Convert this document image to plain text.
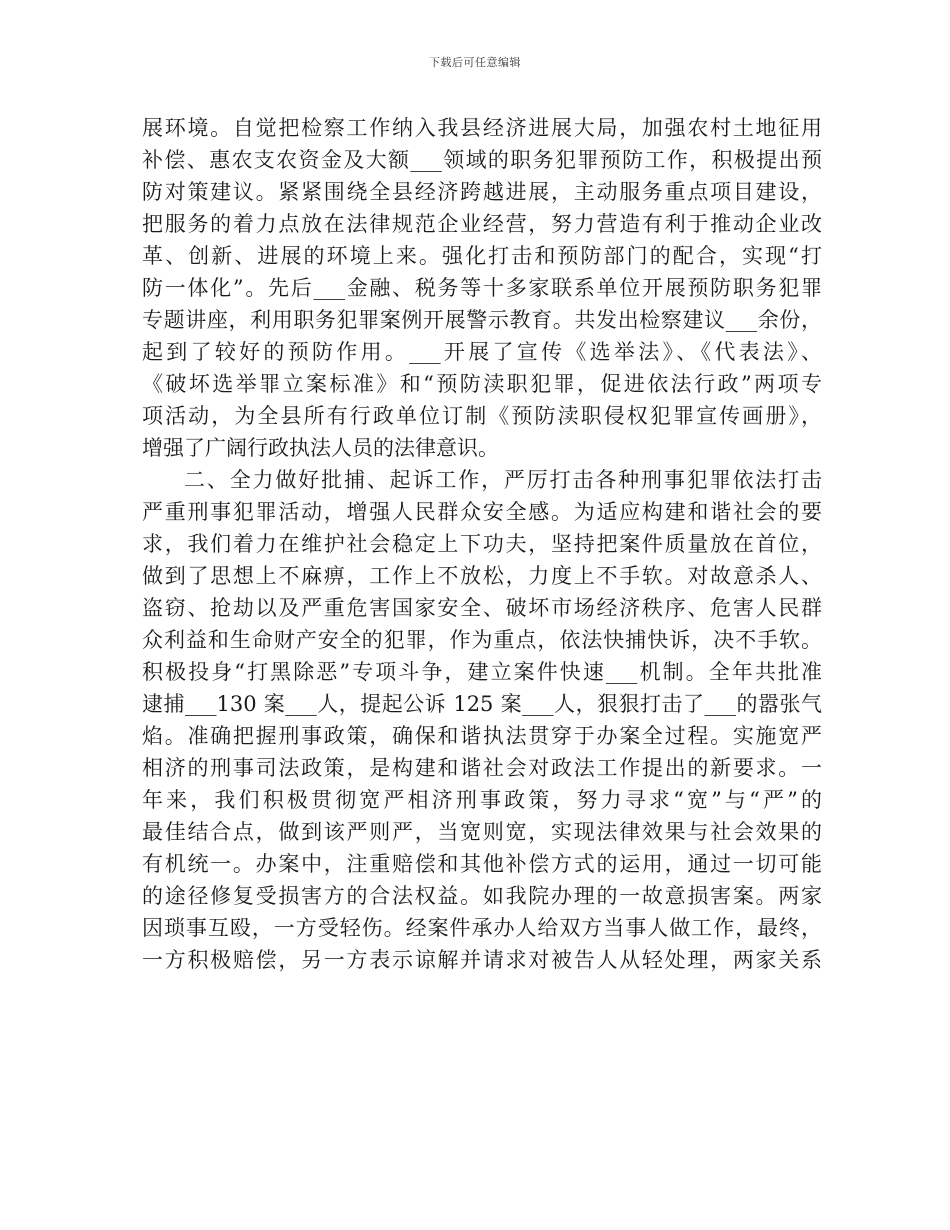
下载后可任意编辑
展环境。自觉把检察工作纳入我县经济进展大局，加强农村土地征用
补偿、惠农支农资金及大额___领域的职务犯罪预防工作，积极提出预
防对策建议。紧紧围绕全县经济跨越进展，主动服务重点项目建设，
把服务的着力点放在法律规范企业经营，努力营造有利于推动企业改
革、创新、进展的环境上来。强化打击和预防部门的配合，实现“打
防一体化”。先后___金融、税务等十多家联系单位开展预防职务犯罪
专题讲座，利用职务犯罪案例开展警示教育。共发出检察建议___余份，
起到了较好的预防作用。___开展了宣传《选举法》、《代表法》、
《破坏选举罪立案标准》和“预防渎职犯罪，促进依法行政”两项专
项活动，为全县所有行政单位订制《预防渎职侵权犯罪宣传画册》，
增强了广阔行政执法人员的法律意识。
二、全力做好批捕、起诉工作，严厉打击各种刑事犯罪依法打击
严重刑事犯罪活动，增强人民群众安全感。为适应构建和谐社会的要
求，我们着力在维护社会稳定上下功夫，坚持把案件质量放在首位，
做到了思想上不麻痹，工作上不放松，力度上不手软。对故意杀人、
盗窃、抢劫以及严重危害国家安全、破坏市场经济秩序、危害人民群
众利益和生命财产安全的犯罪，作为重点，依法快捕快诉，决不手软。
积极投身“打黑除恶”专项斗争，建立案件快速___机制。全年共批准
逮捕___130 案___人，提起公诉 125 案___人，狠狠打击了___的嚣张气
焰。准确把握刑事政策，确保和谐执法贯穿于办案全过程。实施宽严
相济的刑事司法政策，是构建和谐社会对政法工作提出的新要求。一
年来，我们积极贯彻宽严相济刑事政策，努力寻求“宽”与“严”的
最佳结合点，做到该严则严，当宽则宽，实现法律效果与社会效果的
有机统一。办案中，注重赔偿和其他补偿方式的运用，通过一切可能
的途径修复受损害方的合法权益。如我院办理的一故意损害案。两家
因琐事互殴，一方受轻伤。经案件承办人给双方当事人做工作，最终，
一方积极赔偿，另一方表示谅解并请求对被告人从轻处理，两家关系
